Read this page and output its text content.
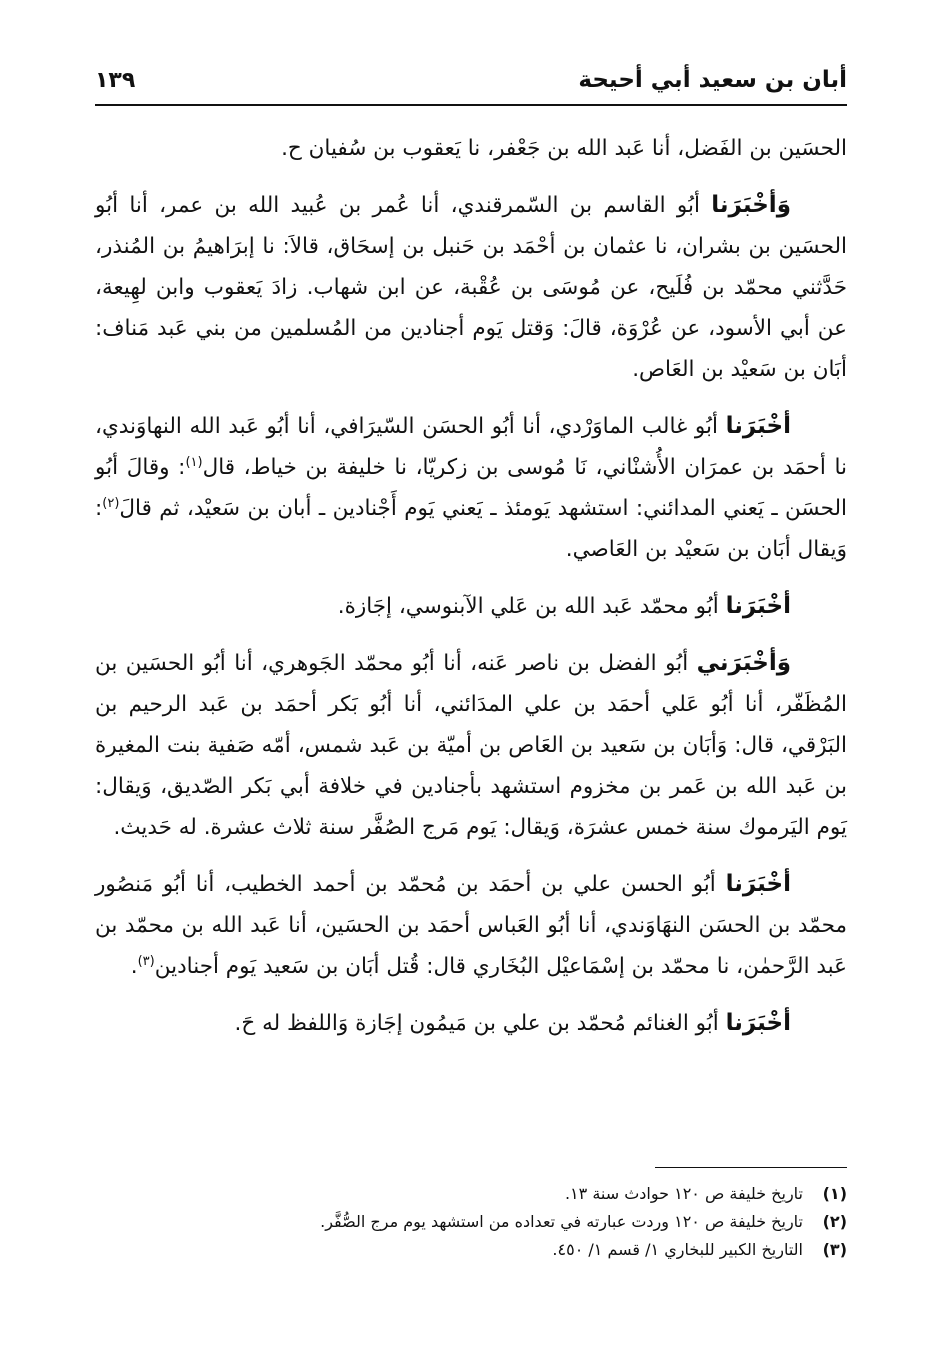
أبان بن سعيد أبي أحيحة
١٣٩

الحسَين بن الفَضل، أنا عَبد الله بن جَعْفر، نا يَعقوب بن سُفيان ح.

وَأخْبَرَنا أبُو القاسم بن السّمرقندي، أنا عُمر بن عُبيد الله بن عمر، أنا أبُو الحسَين بن بشران، نا عثمان بن أحْمَد بن حَنبل بن إسحَاق، قالاَ: نا إبرَاهيمُ بن المُنذر، حَدَّثني محمّد بن فُلَيح، عن مُوسَى بن عُقْبة، عن ابن شهاب. زادَ يَعقوب وابن لهِيعة، عن أبي الأسود، عن عُرْوَة، قالَ: وَقتل يَوم أجنادين من المُسلمين من بني عَبد مَناف: أبَان بن سَعيْد بن العَاص.

أخْبَرَنا أبُو غالب الماوَرْدي، أنا أبُو الحسَن السّيرَافي، أنا أبُو عَبد الله النهاوَندي، نا أحمَد بن عمرَان الأُشنْاني، نَا مُوسى بن زكريّا، نا خليفة بن خياط، قال$^{(١)}$: وقالَ أبُو الحسَن ـ يَعني المدائني: استشهد يَومئذ ـ يَعني يَوم أَجْنادين ـ أبان بن سَعيْد، ثم قالَ$^{(٢)}$: وَيقال أبَان بن سَعيْد بن العَاصي.

أخْبَرَنا أبُو محمّد عَبد الله بن عَلي الآبنوسي، إجَازة.

وَأخْبَرَني أبُو الفضل بن ناصر عَنه، أنا أبُو محمّد الجَوهري، أنا أبُو الحسَين بن المُظَفّر، أنا أبُو عَلي أحمَد بن علي المدَائني، أنا أبُو بَكر أحمَد بن عَبد الرحيم بن البَرْقي، قال: وَأبَان بن سَعيد بن العَاص بن أميّة بن عَبد شمس، أمّه صَفية بنت المغيرة بن عَبد الله بن عَمر بن مخزوم استشهد بأجنادين في خلافة أبي بَكر الصّديق، وَيقال: يَوم اليَرموك سنة خمس عشرَة، وَيقال: يَوم مَرج الصُفَّر سنة ثلاث عشرة. له حَديث.

أخْبَرَنا أبُو الحسن علي بن أحمَد بن مُحمّد بن أحمد الخطيب، أنا أبُو مَنصُور محمّد بن الحسَن النهَاوَندي، أنا أبُو العَباس أحمَد بن الحسَين، أنا عَبد الله بن محمّد بن عَبد الرَّحمٰن، نا محمّد بن إسْمَاعيْل البُخَاري قال: قُتل أبَان بن سَعيد يَوم أجنادين$^{(٣)}$.

أخْبَرَنا أبُو الغنائم مُحمّد بن علي بن مَيمُون إجَازة وَاللفظ له حَ.

(١)
تاريخ خليفة ص ١٢٠ حوادث سنة ١٣.
(٢)
تاريخ خليفة ص ١٢٠ وردت عبارته في تعداده من استشهد يوم مرج الصُّفَّر.
(٣)
التاريخ الكبير للبخاري ١/ قسم ١/ ٤٥٠.
